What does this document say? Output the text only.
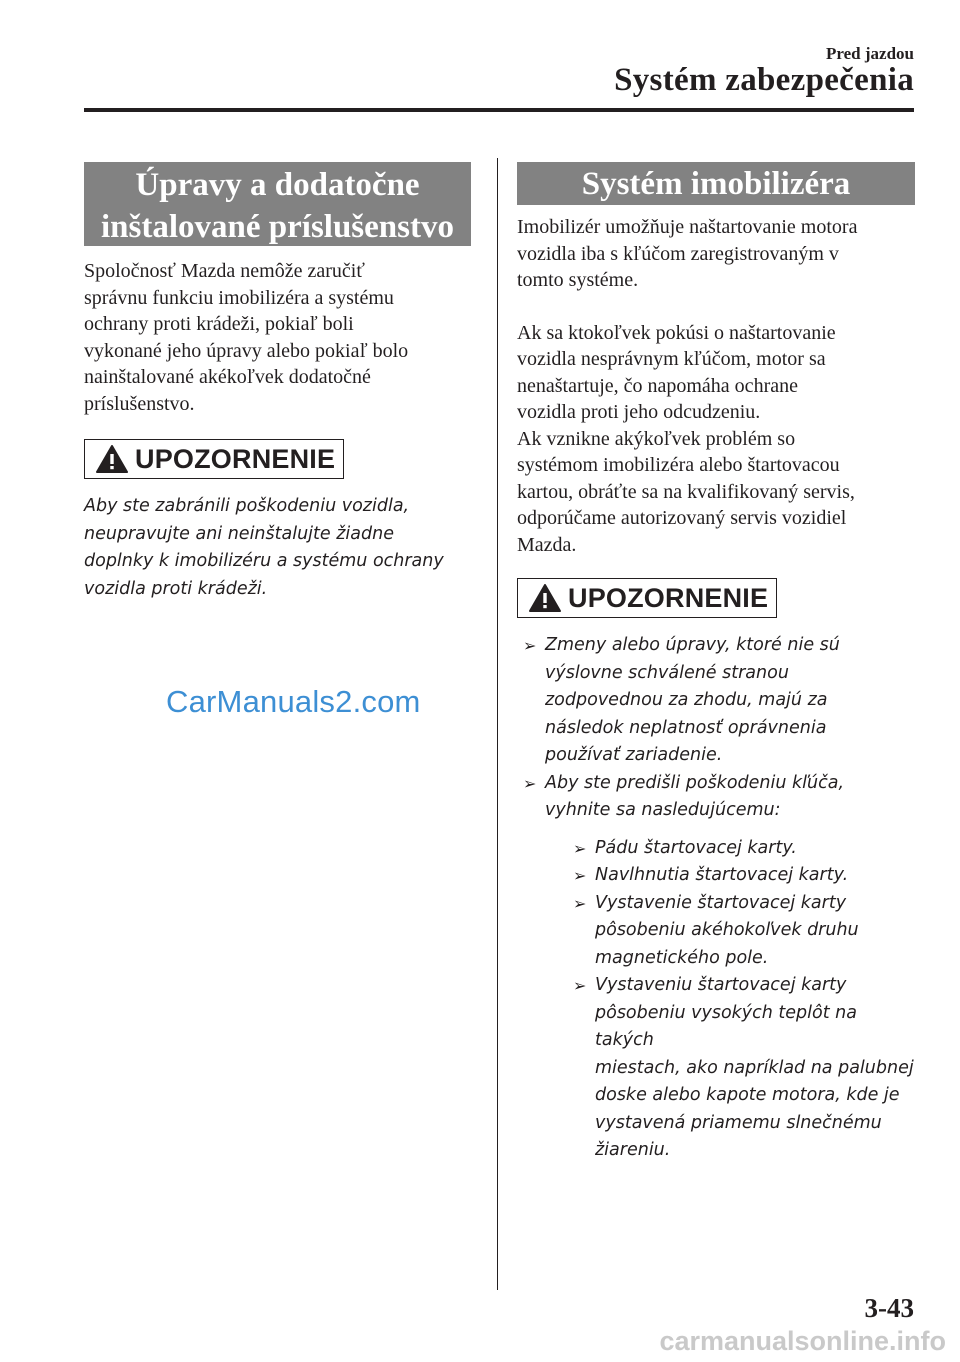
Pred jazdou
Systém zabezpečenia
Úpravy a dodatočne
inštalované príslušenstvo

Spoločnosť Mazda nemôže zaručiť
správnu funkciu imobilizéra a systému
ochrany proti krádeži, pokiaľ boli
vykonané jeho úpravy alebo pokiaľ bolo
nainštalované akékoľvek dodatočné
príslušenstvo.

UPOZORNENIE
Aby ste zabránili poškodeniu vozidla,
neupravujte ani neinštalujte žiadne
doplnky k imobilizéru a systému ochrany
vozidla proti krádeži.
CarManuals2.com
Systém imobilizéra

Imobilizér umožňuje naštartovanie motora
vozidla iba s kľúčom zaregistrovaným v
tomto systéme.

Ak sa ktokoľvek pokúsi o naštartovanie
vozidla nesprávnym kľúčom, motor sa
nenaštartuje, čo napomáha ochrane
vozidla proti jeho odcudzeniu.
Ak vznikne akýkoľvek problém so
systémom imobilizéra alebo štartovacou
kartou, obráťte sa na kvalifikovaný servis,
odporúčame autorizovaný servis vozidiel
Mazda.

UPOZORNENIE
➢ Zmeny alebo úpravy, ktoré nie sú
výslovne schválené stranou
zodpovednou za zhodu, majú za
následok neplatnosť oprávnenia
používať zariadenie.
➢ Aby ste predišli poškodeniu kľúča,
vyhnite sa nasledujúcemu:
➢ Pádu štartovacej karty.
➢ Navlhnutia štartovacej karty.
➢ Vystavenie štartovacej karty
pôsobeniu akéhokoľvek druhu
magnetického pole.
➢ Vystaveniu štartovacej karty
pôsobeniu vysokých teplôt na takých
miestach, ako napríklad na palubnej
doske alebo kapote motora, kde je
vystavená priamemu slnečnému
žiareniu.
3-43
carmanualsonline.info
